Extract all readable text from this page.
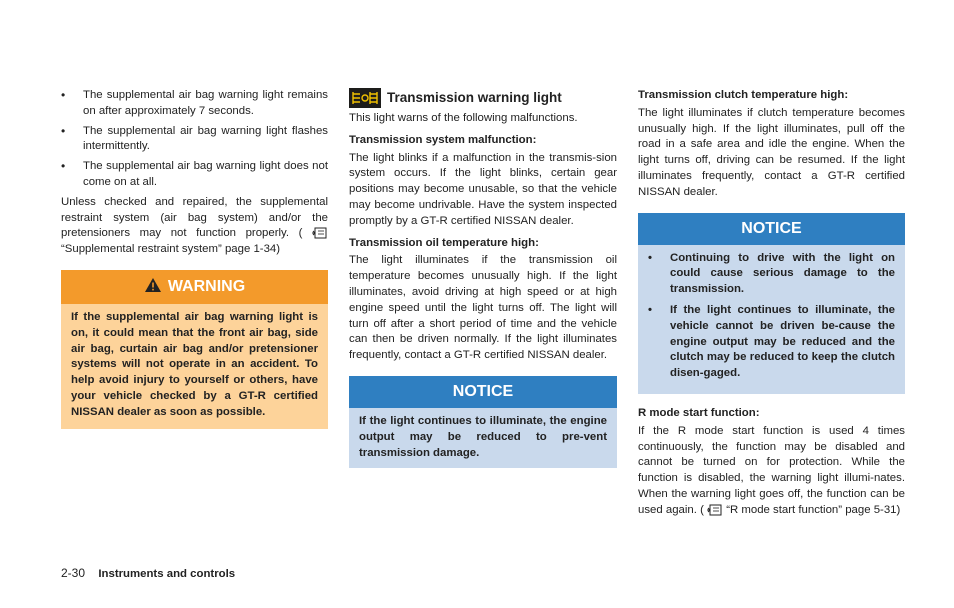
• The supplemental air bag warning light remains on after approximately 7 seconds.
• The supplemental air bag warning light flashes intermittently.
• The supplemental air bag warning light does not come on at all.

Unless checked and repaired, the supplemental restraint system (air bag system) and/or the pretensioners may not function properly. (  “Supplemental restraint system” page 1-34)

WARNING
If the supplemental air bag warning light is on, it could mean that the front air bag, side air bag, curtain air bag and/or pretensioner systems will not operate in an accident. To help avoid injury to yourself or others, have your vehicle checked by a GT-R certified NISSAN dealer as soon as possible.
Transmission warning light

This light warns of the following malfunctions.

Transmission system malfunction:

The light blinks if a malfunction in the transmis-sion system occurs. If the light blinks, certain gear positions may become unusable, so that the vehicle may become undrivable. Have the system inspected promptly by a GT-R certified NISSAN dealer.

Transmission oil temperature high:

The light illuminates if the transmission oil temperature becomes unusually high. If the light illuminates, avoid driving at high speed or at high engine speed until the light turns off. The light will turn off after a short period of time and the vehicle can then be driven normally. If the light illuminates frequently, contact a GT-R certified NISSAN dealer.

NOTICE
If the light continues to illuminate, the engine output may be reduced to pre-vent transmission damage.
Transmission clutch temperature high:

The light illuminates if clutch temperature becomes unusually high. If the light illuminates, pull off the road in a safe area and idle the engine. When the light turns off, driving can be resumed. If the light illuminates frequently, contact a GT-R certified NISSAN dealer.

NOTICE
• Continuing to drive with the light on could cause serious damage to the transmission.
• If the light continues to illuminate, the vehicle cannot be driven be-cause the engine output may be reduced and the clutch may be reduced to keep the clutch disen-gaged.
R mode start function:

If the R mode start function is used 4 times continuously, the function may be disabled and cannot be turned on for protection. While the function is disabled, the warning light illumi-nates. When the warning light goes off, the function can be used again. ( “R mode start function” page 5-31)

2-30 Instruments and controls
